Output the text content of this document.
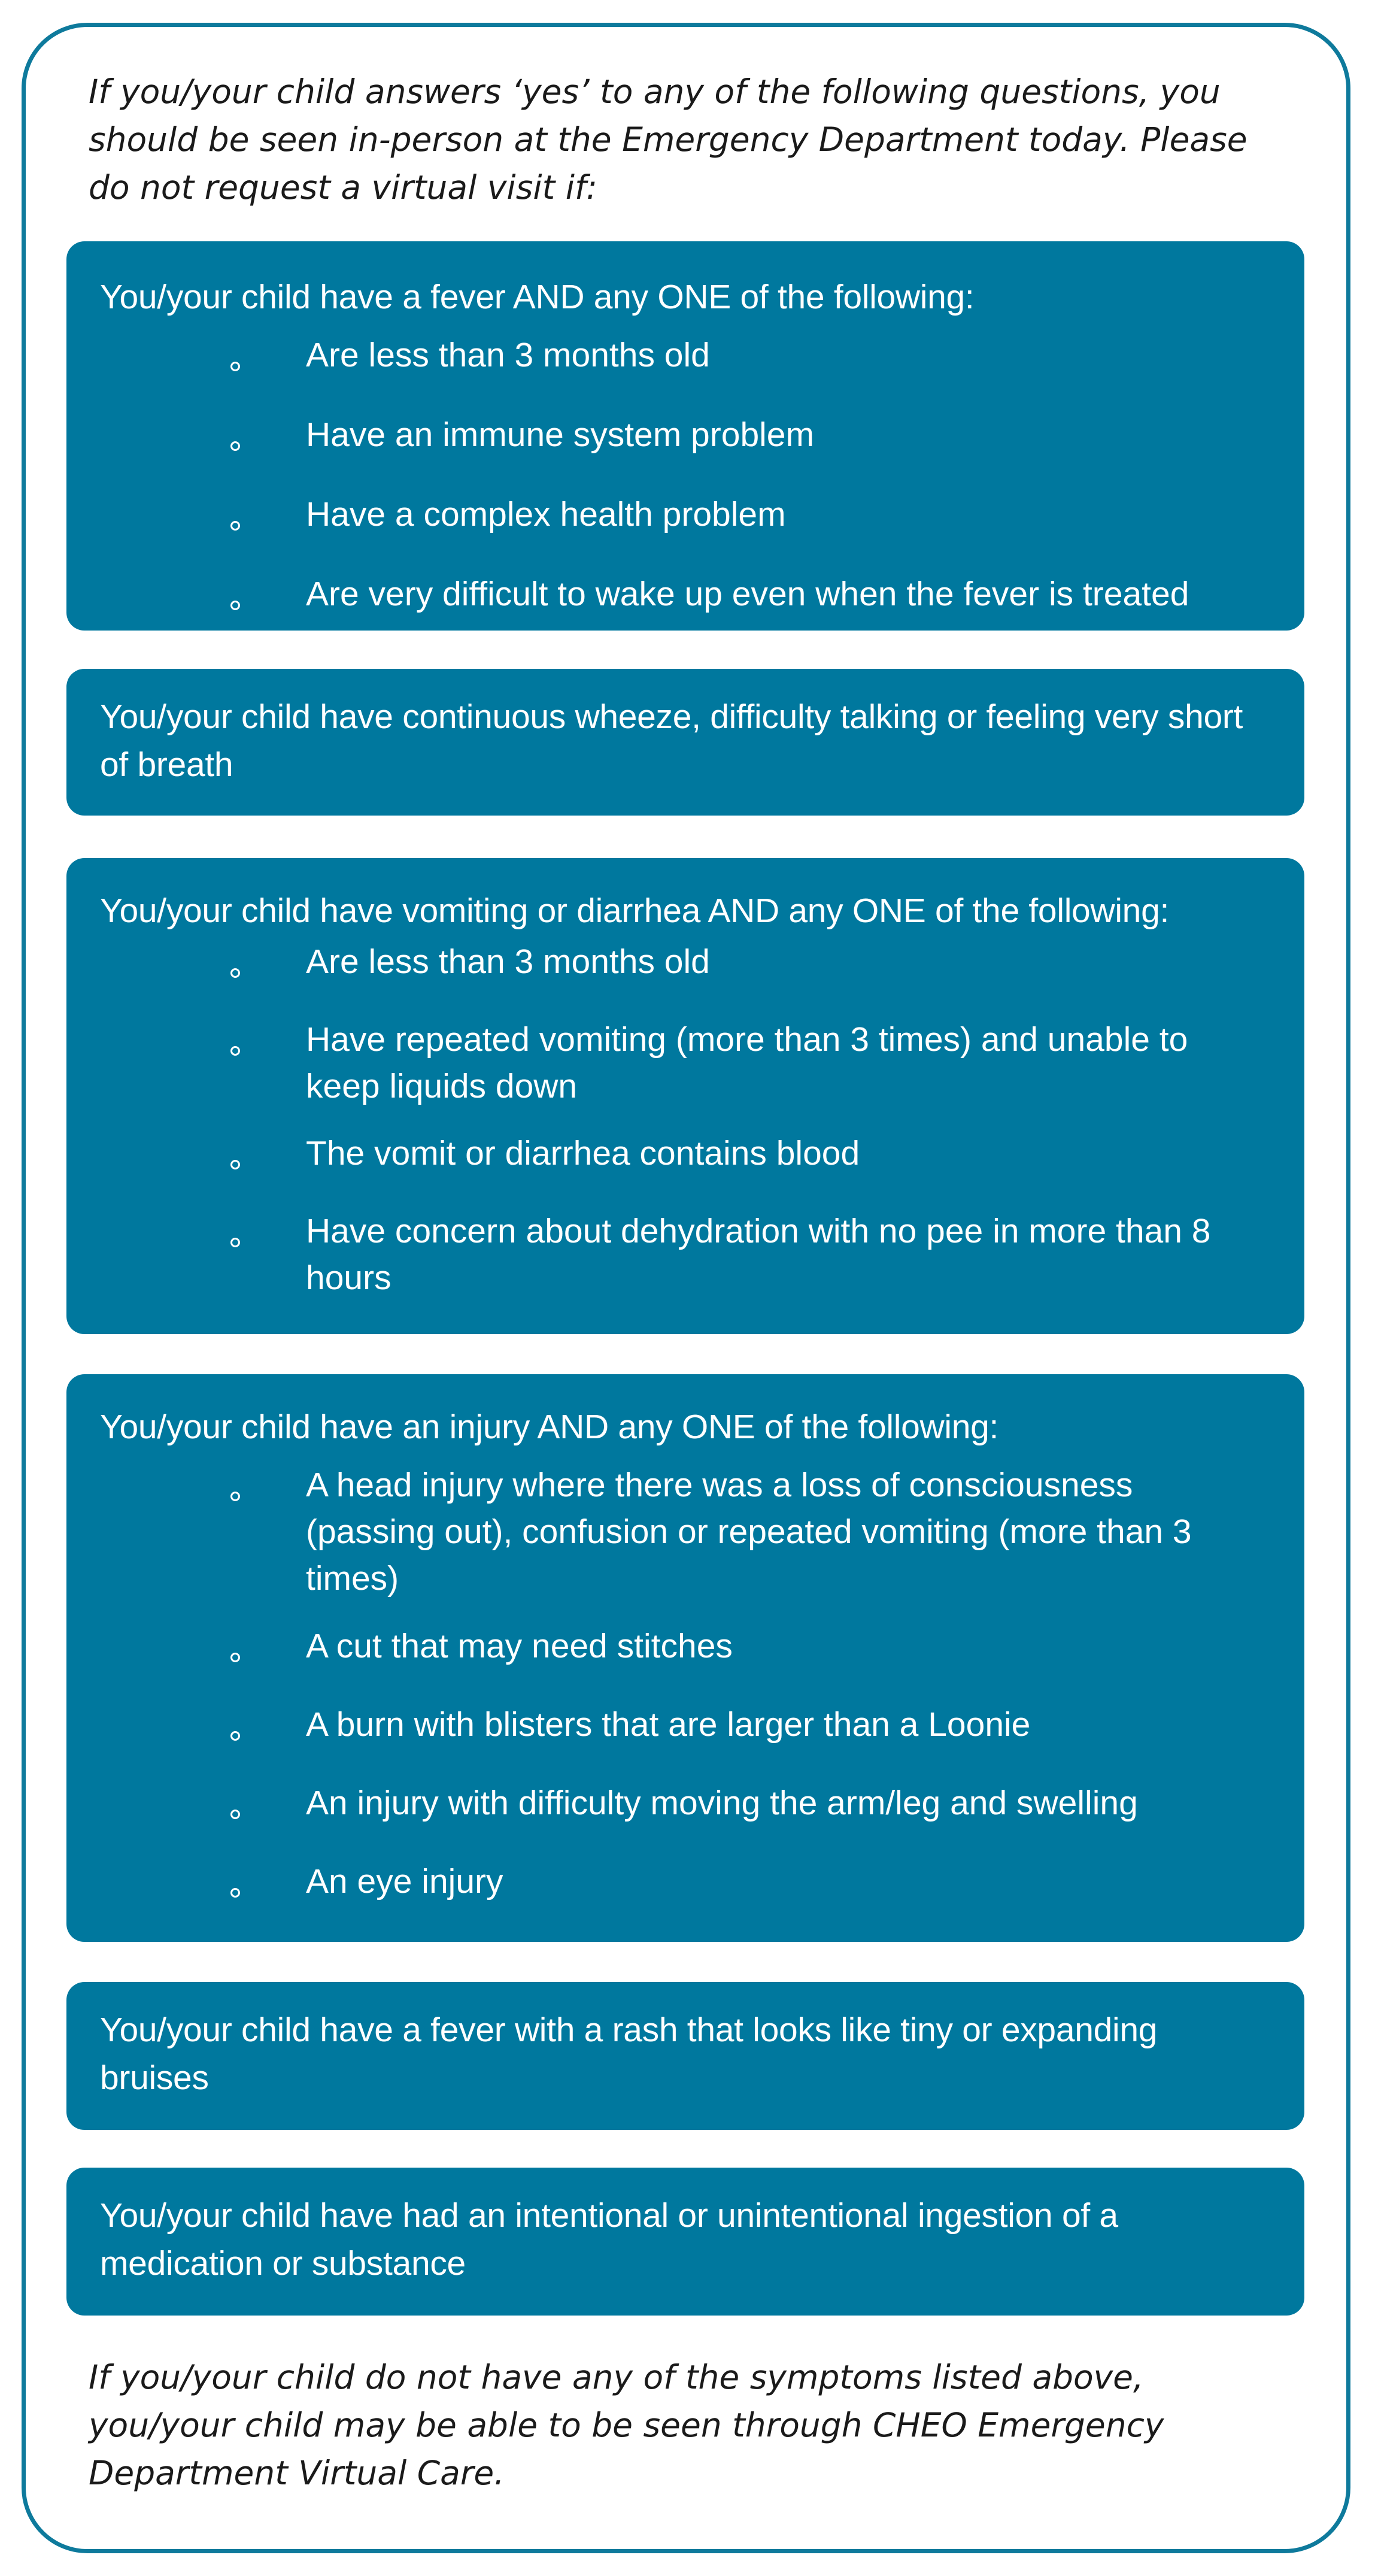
If you/your child answers ‘yes’ to any of the following questions, you should be seen in-person at the Emergency Department today. Please do not request a virtual visit if:

You/your child have a fever AND any ONE of the following:

Are less than 3 months old
Have an immune system problem
Have a complex health problem
Are very difficult to wake up even when the fever is treated

You/your child have continuous wheeze, difficulty talking or feeling very short of breath

You/your child have vomiting or diarrhea AND any ONE of the following:

Are less than 3 months old
Have repeated vomiting (more than 3 times) and unable to keep liquids down
The vomit or diarrhea contains blood
Have concern about dehydration with no pee in more than 8 hours

You/your child have an injury AND any ONE of the following:

A head injury where there was a loss of consciousness (passing out), confusion or repeated vomiting (more than 3 times)
A cut that may need stitches
A burn with blisters that are larger than a Loonie
An injury with difficulty moving the arm/leg and swelling
An eye injury
An injury causing chest or stomach pain

You/your child have a fever with a rash that looks like tiny or expanding bruises

You/your child have had an intentional or unintentional ingestion of a medication or substance

If you/your child do not have any of the symptoms listed above, you/your child may be able to be seen through CHEO Emergency Department Virtual Care.
